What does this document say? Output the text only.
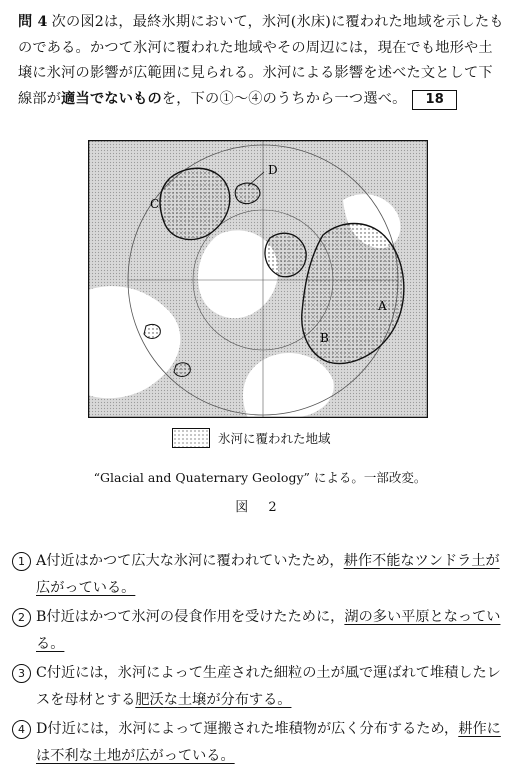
問 4 次の図2は，最終氷期において，氷河(氷床)に覆われた地域を示したものである。かつて氷河に覆われた地域やその周辺には，現在でも地形や土壌に氷河の影響が広範囲に見られる。氷河による影響を述べた文として下線部が適当でないものを，下の①～④のうちから一つ選べ。 18
D
C
A
B
氷河に覆われた地域
“Glacial and Quaternary Geology” による。一部改変。
図 2
1 A付近はかつて広大な氷河に覆われていたため，耕作不能なツンドラ土が広がっている。
2 B付近はかつて氷河の侵食作用を受けたために，湖の多い平原となっている。
3 C付近には，氷河によって生産された細粒の土が風で運ばれて堆積したレスを母材とする肥沃な土壌が分布する。
4 D付近には，氷河によって運搬された堆積物が広く分布するため，耕作には不利な土地が広がっている。
